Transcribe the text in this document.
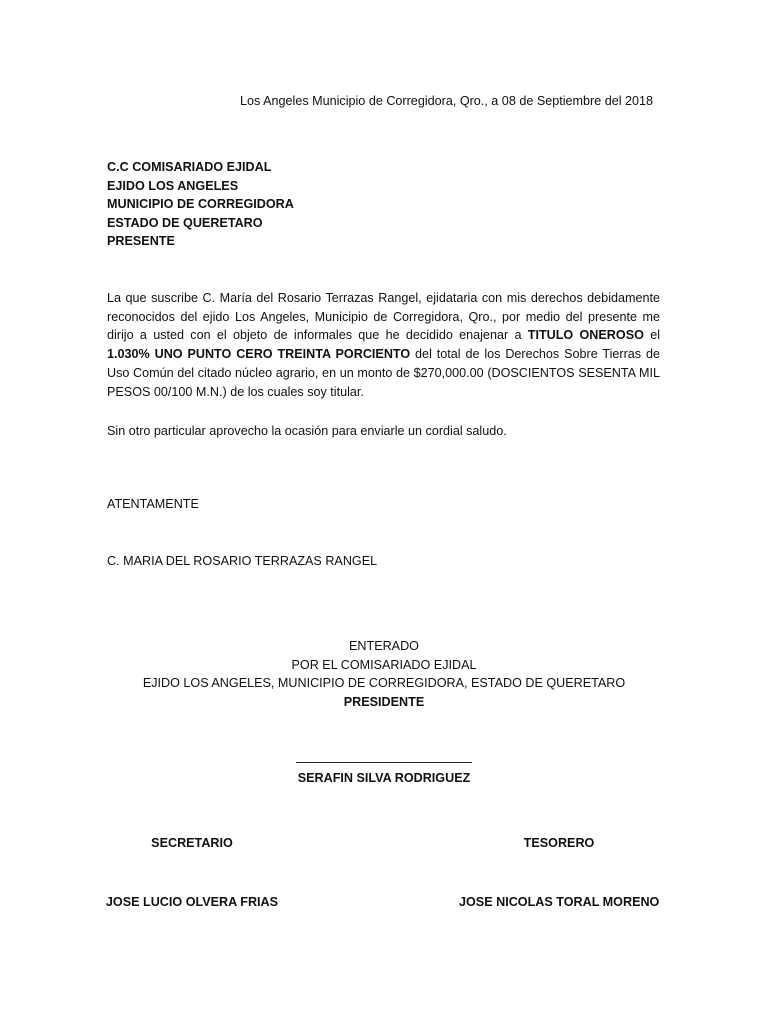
Los Angeles Municipio de Corregidora, Qro., a 08 de Septiembre del 2018
C.C COMISARIADO EJIDAL
EJIDO LOS ANGELES
MUNICIPIO DE CORREGIDORA
ESTADO DE QUERETARO
PRESENTE
La que suscribe C. María del Rosario Terrazas Rangel, ejidataria con mis derechos debidamente reconocidos del ejido Los Angeles, Municipio de Corregidora, Qro., por medio del presente me dirijo a usted con el objeto de informales que he decidido enajenar a TITULO ONEROSO el 1.030% UNO PUNTO CERO TREINTA PORCIENTO del total de los Derechos Sobre Tierras de Uso Común del citado núcleo agrario, en un monto de $270,000.00 (DOSCIENTOS SESENTA MIL PESOS 00/100 M.N.) de los cuales soy titular.
Sin otro particular aprovecho la ocasión para enviarle un cordial saludo.
ATENTAMENTE
C. MARIA DEL ROSARIO TERRAZAS RANGEL
ENTERADO
POR EL COMISARIADO EJIDAL
EJIDO LOS ANGELES, MUNICIPIO DE CORREGIDORA, ESTADO DE QUERETARO
PRESIDENTE
SERAFIN SILVA RODRIGUEZ
SECRETARIO	TESORERO
JOSE LUCIO OLVERA FRIAS	JOSE NICOLAS TORAL MORENO
